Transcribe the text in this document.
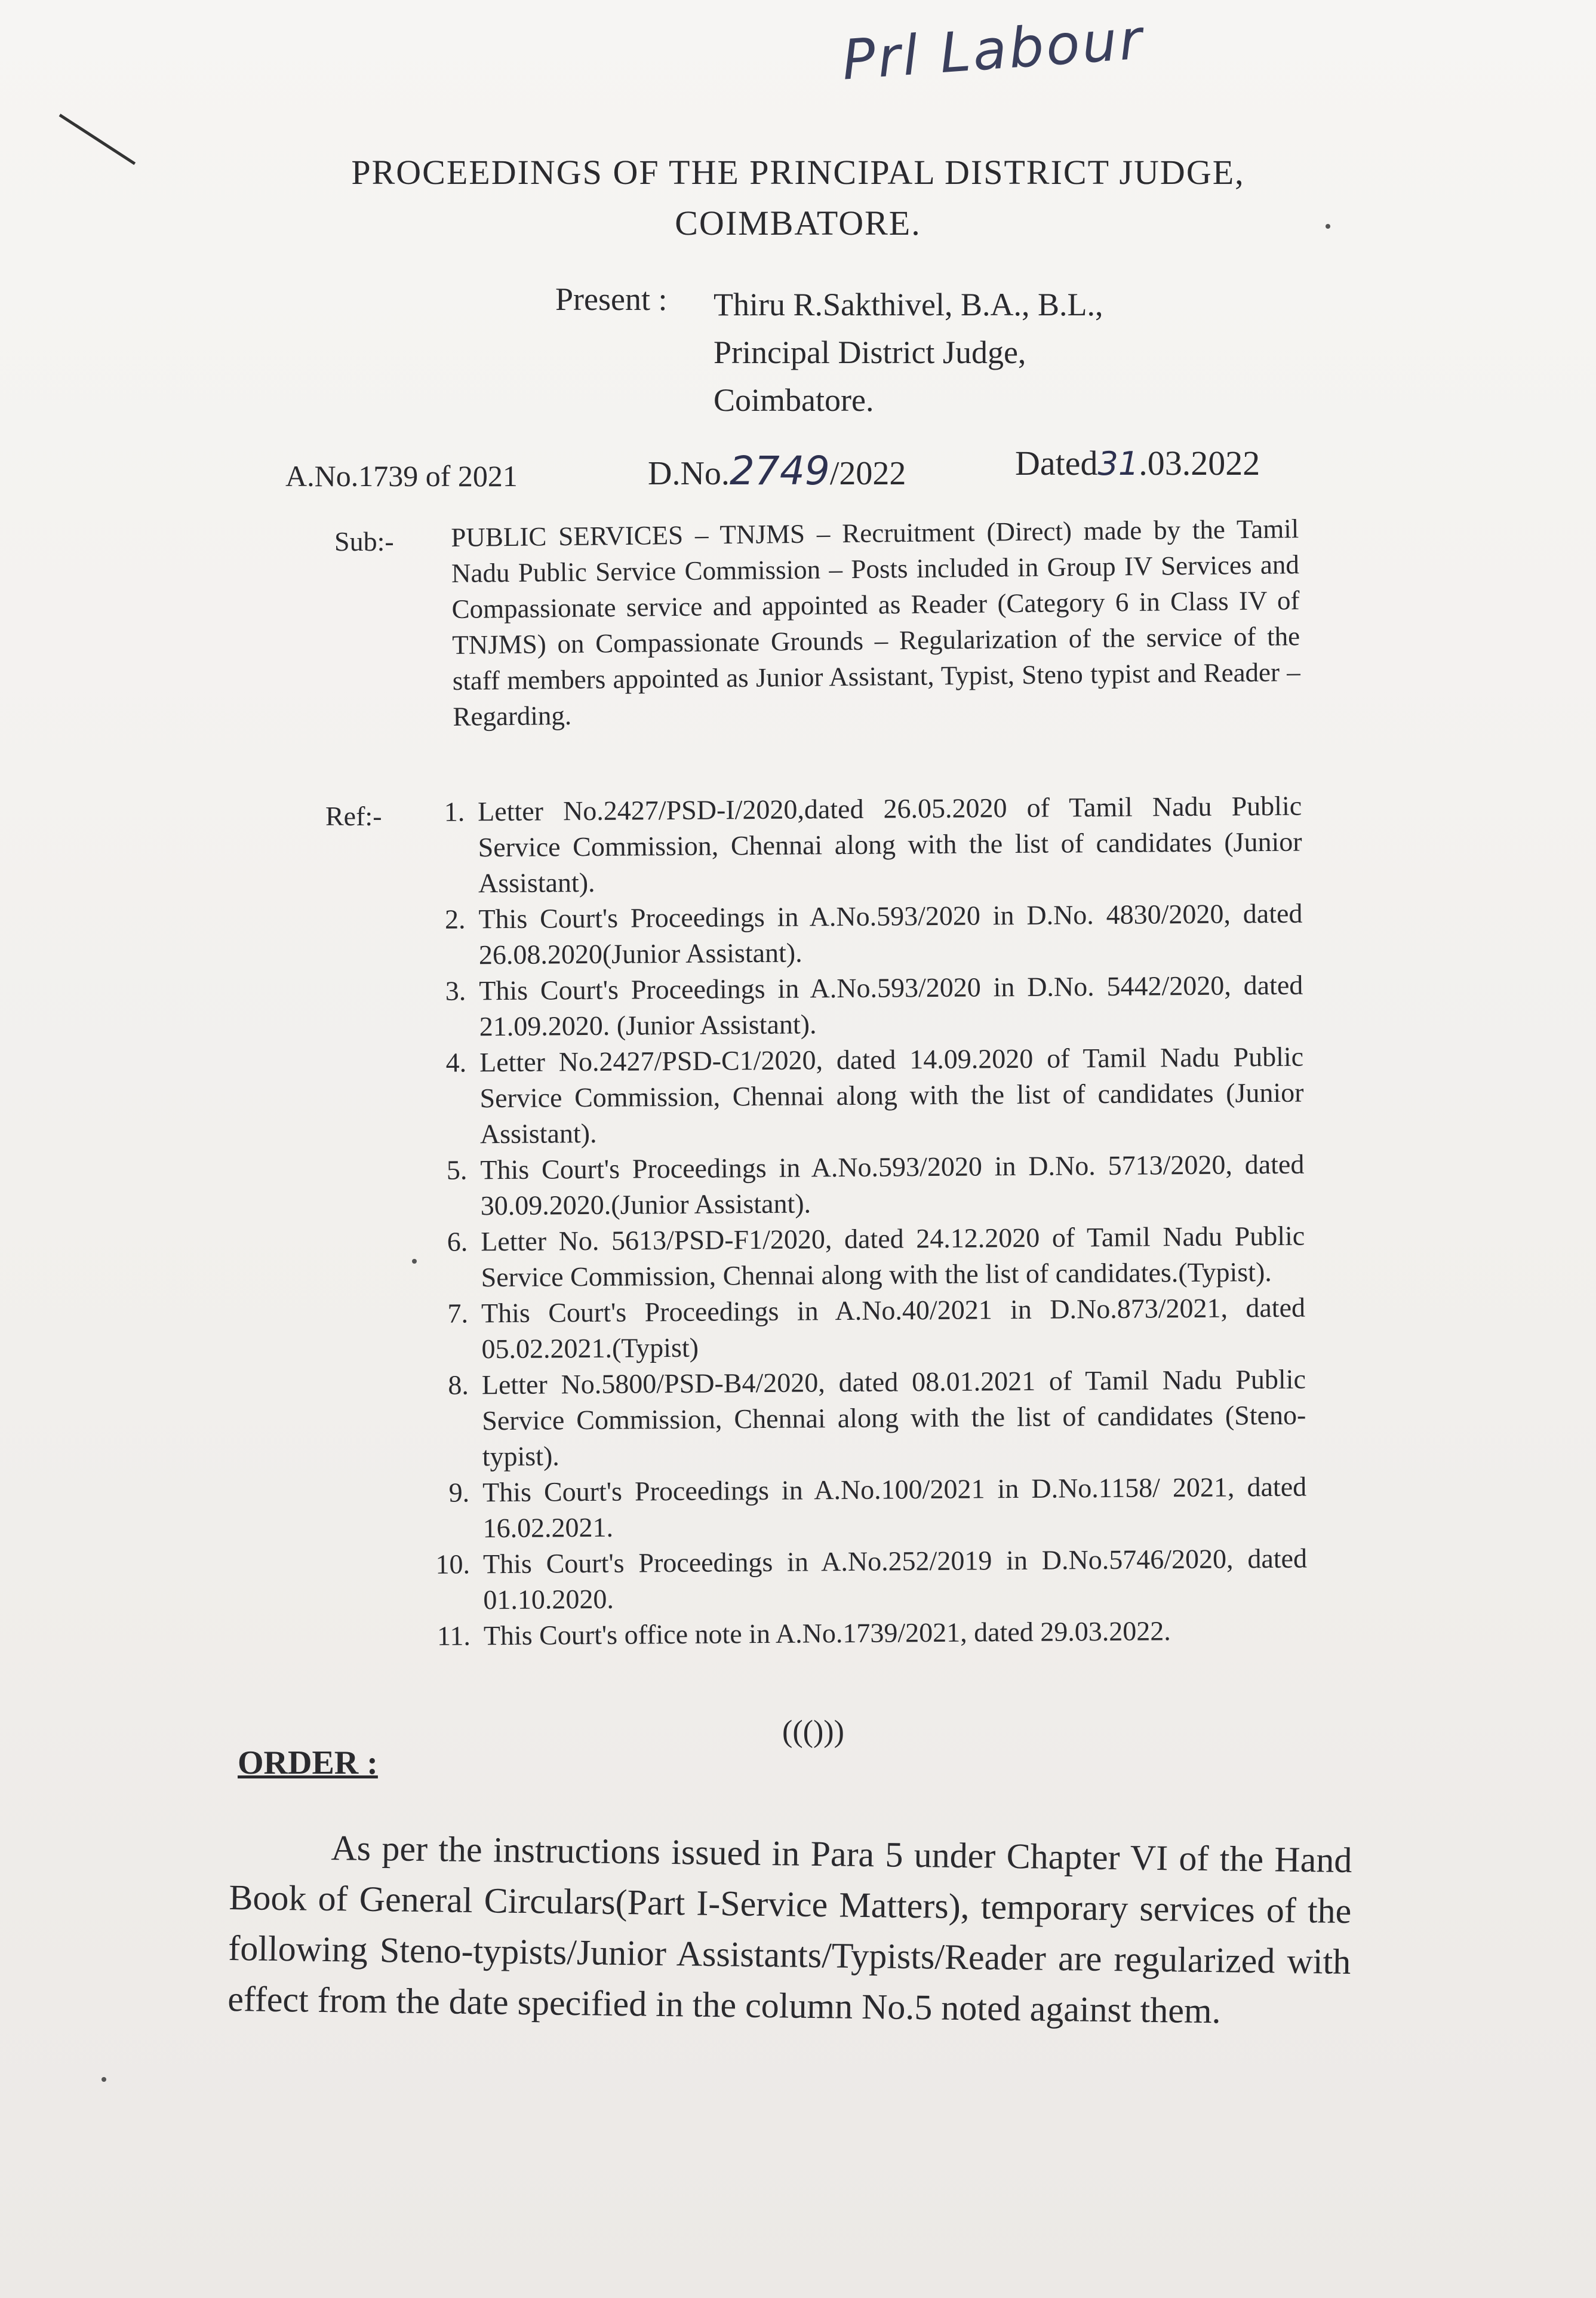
Prl Labour
PROCEEDINGS OF THE PRINCIPAL DISTRICT JUDGE,
COIMBATORE.
Present : Thiru R.Sakthivel, B.A., B.L.,
Principal District Judge,
Coimbatore.
A.No.1739 of 2021	D.No.2749/2022	Dated31.03.2022
Sub:- PUBLIC SERVICES – TNJMS – Recruitment (Direct) made by the Tamil Nadu Public Service Commission – Posts included in Group IV Services and Compassionate service and appointed as Reader (Category 6 in Class IV of TNJMS) on Compassionate Grounds – Regularization of the service of the staff members appointed as Junior Assistant, Typist, Steno typist and Reader – Regarding.
Ref:-	1. Letter No.2427/PSD-I/2020,dated 26.05.2020 of Tamil Nadu Public Service Commission, Chennai along with the list of candidates (Junior Assistant).
2. This Court's Proceedings in A.No.593/2020 in D.No. 4830/2020, dated 26.08.2020(Junior Assistant).
3. This Court's Proceedings in A.No.593/2020 in D.No. 5442/2020, dated 21.09.2020. (Junior Assistant).
4. Letter No.2427/PSD-C1/2020, dated 14.09.2020 of Tamil Nadu Public Service Commission, Chennai along with the list of candidates (Junior Assistant).
5. This Court's Proceedings in A.No.593/2020 in D.No. 5713/2020, dated 30.09.2020.(Junior Assistant).
6. Letter No. 5613/PSD-F1/2020, dated 24.12.2020 of Tamil Nadu Public Service Commission, Chennai along with the list of candidates.(Typist).
7. This Court's Proceedings in A.No.40/2021 in D.No.873/2021, dated 05.02.2021.(Typist)
8. Letter No.5800/PSD-B4/2020, dated 08.01.2021 of Tamil Nadu Public Service Commission, Chennai along with the list of candidates (Steno-typist).
9. This Court's Proceedings in A.No.100/2021 in D.No.1158/ 2021, dated 16.02.2021.
10. This Court's Proceedings in A.No.252/2019 in D.No.5746/2020, dated 01.10.2020.
11. This Court's office note in A.No.1739/2021, dated 29.03.2022.
((()))
ORDER :
As per the instructions issued in Para 5 under Chapter VI of the Hand Book of General Circulars(Part I-Service Matters), temporary services of the following Steno-typists/Junior Assistants/Typists/Reader are regularized with effect from the date specified in the column No.5 noted against them.
